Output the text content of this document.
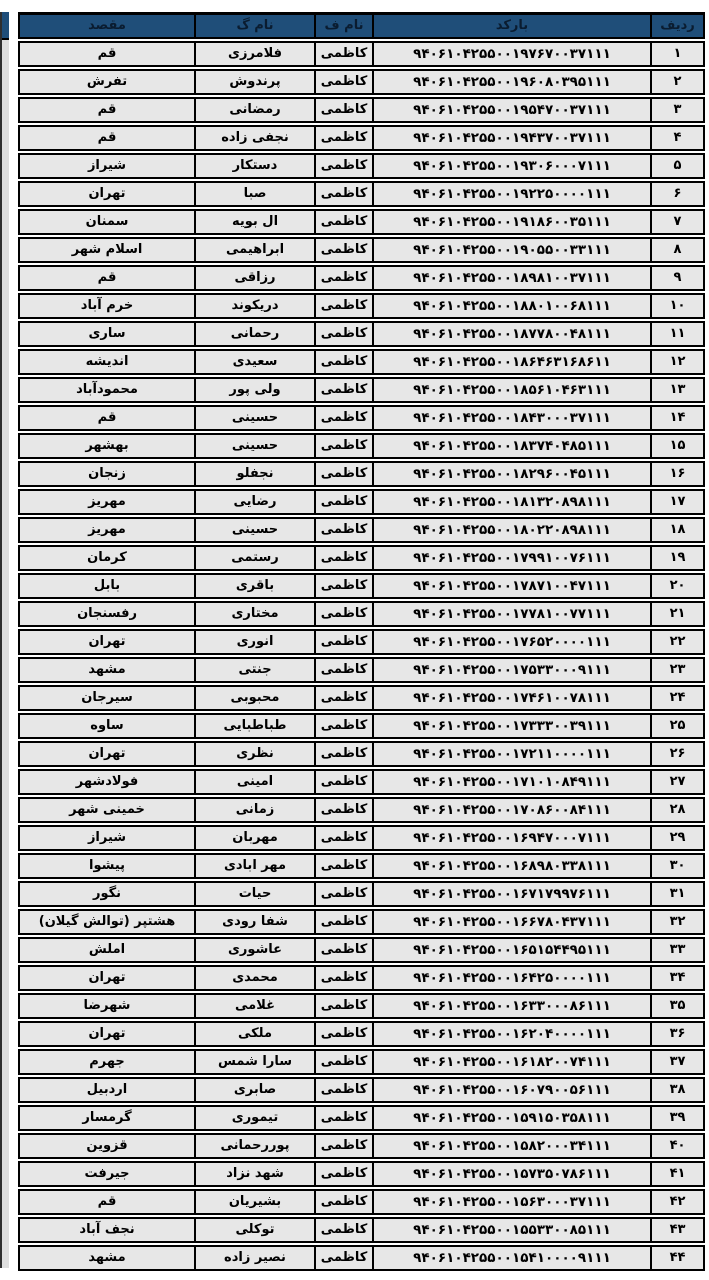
ردیف
بارکد
نام ف
نام گ
مقصد
۱
۹۴۰۶۱۰۴۲۵۵۰۰۱۹۷۶۷۰۰۳۷۱۱۱
کاظمی
فلامرزی
قم
۲
۹۴۰۶۱۰۴۲۵۵۰۰۱۹۶۰۸۰۳۹۵۱۱۱
کاظمی
پرندوش
تفرش
۳
۹۴۰۶۱۰۴۲۵۵۰۰۱۹۵۴۷۰۰۳۷۱۱۱
کاظمی
رمضانی
قم
۴
۹۴۰۶۱۰۴۲۵۵۰۰۱۹۴۳۷۰۰۳۷۱۱۱
کاظمی
نجفی زاده
قم
۵
۹۴۰۶۱۰۴۲۵۵۰۰۱۹۳۰۶۰۰۰۷۱۱۱
کاظمی
دستکار
شیراز
۶
۹۴۰۶۱۰۴۲۵۵۰۰۱۹۲۲۵۰۰۰۰۱۱۱
کاظمی
صبا
تهران
۷
۹۴۰۶۱۰۴۲۵۵۰۰۱۹۱۸۶۰۰۳۵۱۱۱
کاظمی
ال بویه
سمنان
۸
۹۴۰۶۱۰۴۲۵۵۰۰۱۹۰۵۵۰۰۳۳۱۱۱
کاظمی
ابراهیمی
اسلام شهر
۹
۹۴۰۶۱۰۴۲۵۵۰۰۱۸۹۸۱۰۰۳۷۱۱۱
کاظمی
رزاقی
قم
۱۰
۹۴۰۶۱۰۴۲۵۵۰۰۱۸۸۰۱۰۰۶۸۱۱۱
کاظمی
دریکوند
خرم آباد
۱۱
۹۴۰۶۱۰۴۲۵۵۰۰۱۸۷۷۸۰۰۴۸۱۱۱
کاظمی
رحمانی
ساری
۱۲
۹۴۰۶۱۰۴۲۵۵۰۰۱۸۶۴۶۳۱۶۸۶۱۱
کاظمی
سعیدی
اندیشه
۱۳
۹۴۰۶۱۰۴۲۵۵۰۰۱۸۵۶۱۰۴۶۳۱۱۱
کاظمی
ولی پور
محمودآباد
۱۴
۹۴۰۶۱۰۴۲۵۵۰۰۱۸۴۳۰۰۰۳۷۱۱۱
کاظمی
حسینی
قم
۱۵
۹۴۰۶۱۰۴۲۵۵۰۰۱۸۳۷۴۰۴۸۵۱۱۱
کاظمی
حسینی
بهشهر
۱۶
۹۴۰۶۱۰۴۲۵۵۰۰۱۸۲۹۶۰۰۴۵۱۱۱
کاظمی
نجفلو
زنجان
۱۷
۹۴۰۶۱۰۴۲۵۵۰۰۱۸۱۳۲۰۸۹۸۱۱۱
کاظمی
رضایی
مهریز
۱۸
۹۴۰۶۱۰۴۲۵۵۰۰۱۸۰۲۲۰۸۹۸۱۱۱
کاظمی
حسینی
مهریز
۱۹
۹۴۰۶۱۰۴۲۵۵۰۰۱۷۹۹۱۰۰۷۶۱۱۱
کاظمی
رستمی
کرمان
۲۰
۹۴۰۶۱۰۴۲۵۵۰۰۱۷۸۷۱۰۰۴۷۱۱۱
کاظمی
باقری
بابل
۲۱
۹۴۰۶۱۰۴۲۵۵۰۰۱۷۷۸۱۰۰۷۷۱۱۱
کاظمی
مختاری
رفسنجان
۲۲
۹۴۰۶۱۰۴۲۵۵۰۰۱۷۶۵۲۰۰۰۰۱۱۱
کاظمی
انوری
تهران
۲۳
۹۴۰۶۱۰۴۲۵۵۰۰۱۷۵۳۳۰۰۰۹۱۱۱
کاظمی
جنتی
مشهد
۲۴
۹۴۰۶۱۰۴۲۵۵۰۰۱۷۴۶۱۰۰۷۸۱۱۱
کاظمی
محبوبی
سیرجان
۲۵
۹۴۰۶۱۰۴۲۵۵۰۰۱۷۳۳۳۰۰۳۹۱۱۱
کاظمی
طباطبایی
ساوه
۲۶
۹۴۰۶۱۰۴۲۵۵۰۰۱۷۲۱۱۰۰۰۰۱۱۱
کاظمی
نظری
تهران
۲۷
۹۴۰۶۱۰۴۲۵۵۰۰۱۷۱۰۱۰۸۴۹۱۱۱
کاظمی
امینی
فولادشهر
۲۸
۹۴۰۶۱۰۴۲۵۵۰۰۱۷۰۸۶۰۰۸۴۱۱۱
کاظمی
زمانی
خمینی شهر
۲۹
۹۴۰۶۱۰۴۲۵۵۰۰۱۶۹۴۷۰۰۰۷۱۱۱
کاظمی
مهربان
شیراز
۳۰
۹۴۰۶۱۰۴۲۵۵۰۰۱۶۸۹۸۰۳۳۸۱۱۱
کاظمی
مهر ابادی
پیشوا
۳۱
۹۴۰۶۱۰۴۲۵۵۰۰۱۶۷۱۷۹۹۷۶۱۱۱
کاظمی
حیات
نگور
۳۲
۹۴۰۶۱۰۴۲۵۵۰۰۱۶۶۷۸۰۴۳۷۱۱۱
کاظمی
شفا رودی
هشتپر (توالش گیلان)
۳۳
۹۴۰۶۱۰۴۲۵۵۰۰۱۶۵۱۵۴۴۹۵۱۱۱
کاظمی
عاشوری
املش
۳۴
۹۴۰۶۱۰۴۲۵۵۰۰۱۶۴۲۵۰۰۰۰۱۱۱
کاظمی
محمدی
تهران
۳۵
۹۴۰۶۱۰۴۲۵۵۰۰۱۶۳۳۰۰۰۸۶۱۱۱
کاظمی
غلامی
شهرضا
۳۶
۹۴۰۶۱۰۴۲۵۵۰۰۱۶۲۰۴۰۰۰۰۱۱۱
کاظمی
ملکی
تهران
۳۷
۹۴۰۶۱۰۴۲۵۵۰۰۱۶۱۸۲۰۰۷۴۱۱۱
کاظمی
سارا شمس
جهرم
۳۸
۹۴۰۶۱۰۴۲۵۵۰۰۱۶۰۷۹۰۰۵۶۱۱۱
کاظمی
صابری
اردبیل
۳۹
۹۴۰۶۱۰۴۲۵۵۰۰۱۵۹۱۵۰۳۵۸۱۱۱
کاظمی
تیموری
گرمسار
۴۰
۹۴۰۶۱۰۴۲۵۵۰۰۱۵۸۲۰۰۰۳۴۱۱۱
کاظمی
پوررحمانی
قزوین
۴۱
۹۴۰۶۱۰۴۲۵۵۰۰۱۵۷۳۵۰۷۸۶۱۱۱
کاظمی
شهد نزاد
جیرفت
۴۲
۹۴۰۶۱۰۴۲۵۵۰۰۱۵۶۳۰۰۰۳۷۱۱۱
کاظمی
بشیریان
قم
۴۳
۹۴۰۶۱۰۴۲۵۵۰۰۱۵۵۳۳۰۰۸۵۱۱۱
کاظمی
توکلی
نجف آباد
۴۴
۹۴۰۶۱۰۴۲۵۵۰۰۱۵۴۱۰۰۰۰۹۱۱۱
کاظمی
نصیر زاده
مشهد
